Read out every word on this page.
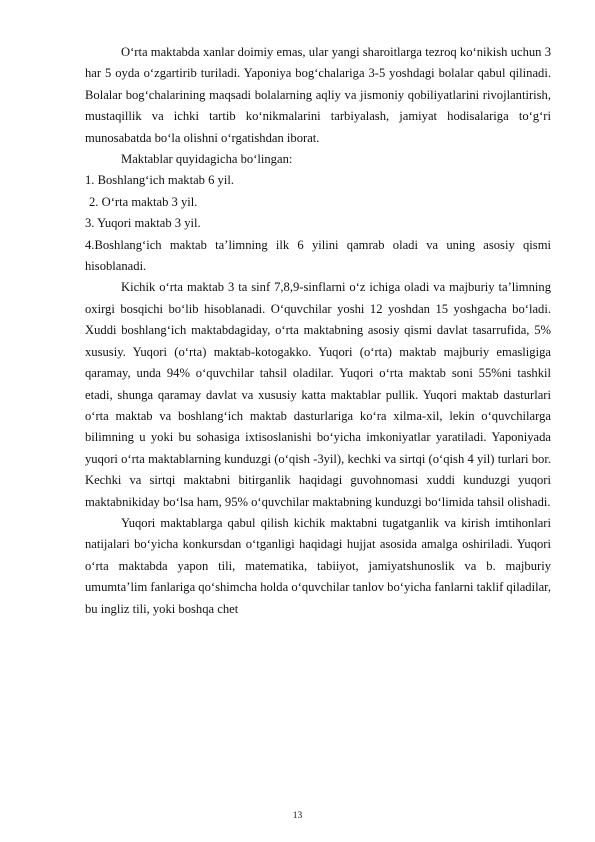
O‘rta maktabda xanlar doimiy emas, ular yangi sharoitlarga tezroq ko‘nikish uchun 3 har 5 oyda o‘zgartirib turiladi. Yaponiya bog‘chalariga 3-5 yoshdagi bolalar qabul qilinadi. Bolalar bog‘chalarining maqsadi bolalarning aqliy va jismoniy qobiliyatlarini rivojlantirish, mustaqillik va ichki tartib ko‘nikmalarini tarbiyalash, jamiyat hodisalariga to‘g‘ri munosabatda bo‘la olishni o‘rgatishdan iborat.

Maktablar quyidagicha bo‘lingan:

1. Boshlang‘ich maktab 6 yil.

2. O‘rta maktab 3 yil.

3. Yuqori maktab 3 yil.

4.Boshlang‘ich maktab ta’limning ilk 6 yilini qamrab oladi va uning asosiy qismi hisoblanadi.

Kichik o‘rta maktab 3 ta sinf 7,8,9-sinflarni o‘z ichiga oladi va majburiy ta’limning oxirgi bosqichi bo‘lib hisoblanadi. O‘quvchilar yoshi 12 yoshdan 15 yoshgacha bo‘ladi. Xuddi boshlang‘ich maktabdagiday, o‘rta maktabning asosiy qismi davlat tasarrufida, 5% xususiy. Yuqori (o‘rta) maktab-kotogakko. Yuqori (o‘rta) maktab majburiy emasligiga qaramay, unda 94% o‘quvchilar tahsil oladilar. Yuqori o‘rta maktab soni 55%ni tashkil etadi, shunga qaramay davlat va xususiy katta maktablar pullik. Yuqori maktab dasturlari o‘rta maktab va boshlang‘ich maktab dasturlariga ko‘ra xilma-xil, lekin o‘quvchilarga bilimning u yoki bu sohasiga ixtisoslanishi bo‘yicha imkoniyatlar yaratiladi. Yaponiyada yuqori o‘rta maktablarning kunduzgi (o‘qish -3yil), kechki va sirtqi (o‘qish 4 yil) turlari bor. Kechki va sirtqi maktabni bitirganlik haqidagi guvohnomasi xuddi kunduzgi yuqori maktabnikiday bo‘lsa ham, 95% o‘quvchilar maktabning kunduzgi bo‘limida tahsil olishadi.

Yuqori maktablarga qabul qilish kichik maktabni tugatganlik va kirish imtihonlari natijalari bo‘yicha konkursdan o‘tganligi haqidagi hujjat asosida amalga oshiriladi. Yuqori o‘rta maktabda yapon tili, matematika, tabiiyot, jamiyatshunoslik va b. majburiy umumta’lim fanlariga qo‘shimcha holda o‘quvchilar tanlov bo‘yicha fanlarni taklif qiladilar, bu ingliz tili, yoki boshqa chet

13
